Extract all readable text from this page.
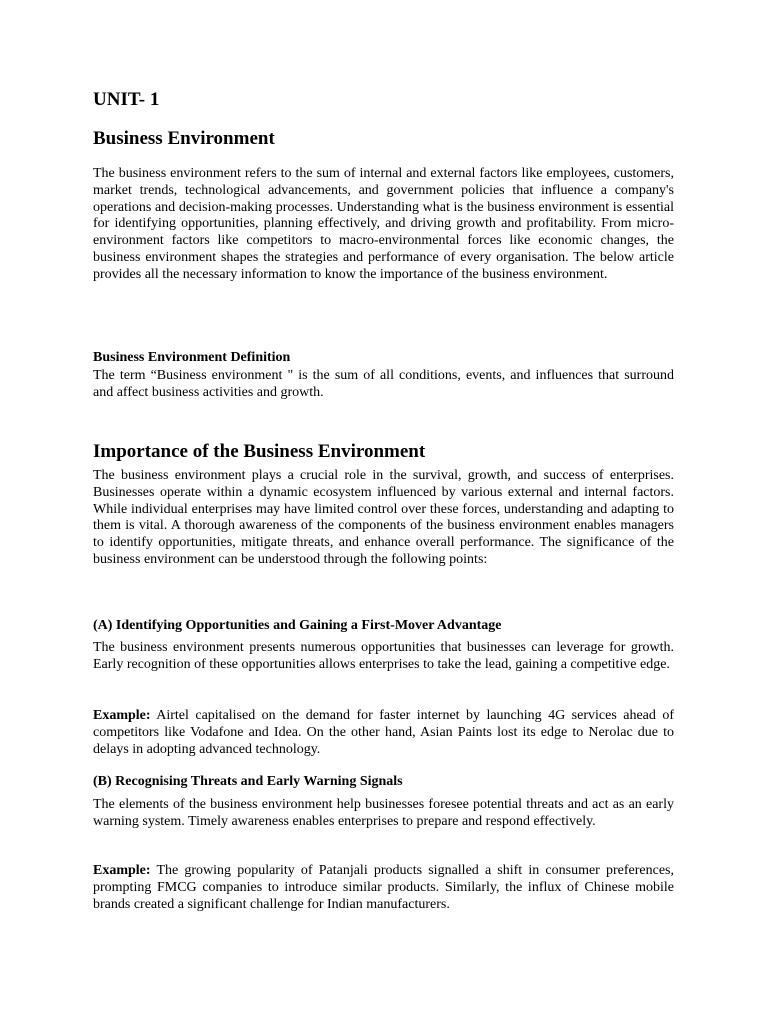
UNIT- 1
Business Environment

The business environment refers to the sum of internal and external factors like employees, customers, market trends, technological advancements, and government policies that influence a company's operations and decision-making processes. Understanding what is the business environment is essential for identifying opportunities, planning effectively, and driving growth and profitability. From micro-environment factors like competitors to macro-environmental forces like economic changes, the business environment shapes the strategies and performance of every organisation. The below article provides all the necessary information to know the importance of the business environment.

Business Environment Definition

The term “Business environment " is the sum of all conditions, events, and influences that surround and affect business activities and growth.

Importance of the Business Environment

The business environment plays a crucial role in the survival, growth, and success of enterprises. Businesses operate within a dynamic ecosystem influenced by various external and internal factors. While individual enterprises may have limited control over these forces, understanding and adapting to them is vital. A thorough awareness of the components of the business environment enables managers to identify opportunities, mitigate threats, and enhance overall performance. The significance of the business environment can be understood through the following points:

(A) Identifying Opportunities and Gaining a First-Mover Advantage

The business environment presents numerous opportunities that businesses can leverage for growth. Early recognition of these opportunities allows enterprises to take the lead, gaining a competitive edge.

Example: Airtel capitalised on the demand for faster internet by launching 4G services ahead of competitors like Vodafone and Idea. On the other hand, Asian Paints lost its edge to Nerolac due to delays in adopting advanced technology.

(B) Recognising Threats and Early Warning Signals

The elements of the business environment help businesses foresee potential threats and act as an early warning system. Timely awareness enables enterprises to prepare and respond effectively.

Example: The growing popularity of Patanjali products signalled a shift in consumer preferences, prompting FMCG companies to introduce similar products. Similarly, the influx of Chinese mobile brands created a significant challenge for Indian manufacturers.
